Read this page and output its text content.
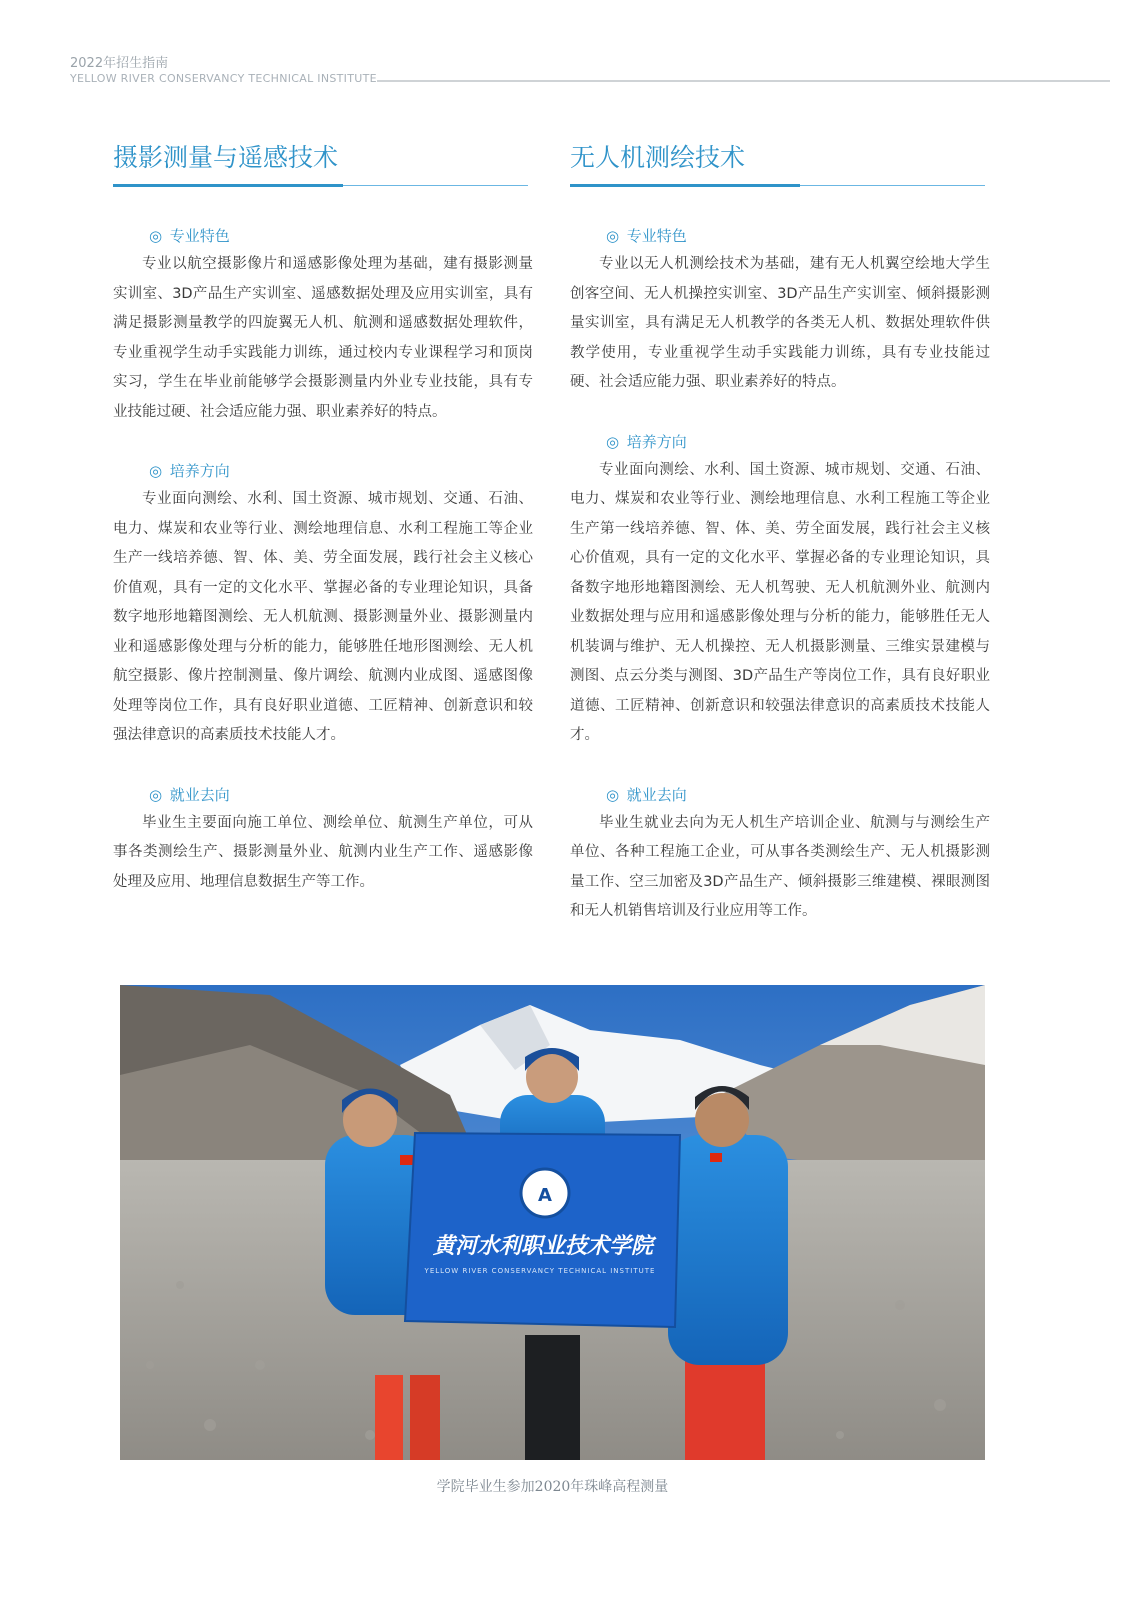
2022年招生指南
YELLOW RIVER CONSERVANCY TECHNICAL INSTITUTE
摄影测量与遥感技术
◎ 专业特色

专业以航空摄影像片和遥感影像处理为基础，建有摄影测量实训室、3D产品生产实训室、遥感数据处理及应用实训室，具有满足摄影测量教学的四旋翼无人机、航测和遥感数据处理软件，专业重视学生动手实践能力训练，通过校内专业课程学习和顶岗实习，学生在毕业前能够学会摄影测量内外业专业技能，具有专业技能过硬、社会适应能力强、职业素养好的特点。

◎ 培养方向

专业面向测绘、水利、国土资源、城市规划、交通、石油、电力、煤炭和农业等行业、测绘地理信息、水利工程施工等企业生产一线培养德、智、体、美、劳全面发展，践行社会主义核心价值观，具有一定的文化水平、掌握必备的专业理论知识，具备数字地形地籍图测绘、无人机航测、摄影测量外业、摄影测量内业和遥感影像处理与分析的能力，能够胜任地形图测绘、无人机航空摄影、像片控制测量、像片调绘、航测内业成图、遥感图像处理等岗位工作，具有良好职业道德、工匠精神、创新意识和较强法律意识的高素质技术技能人才。

◎ 就业去向

毕业生主要面向施工单位、测绘单位、航测生产单位，可从事各类测绘生产、摄影测量外业、航测内业生产工作、遥感影像处理及应用、地理信息数据生产等工作。

无人机测绘技术
◎ 专业特色

专业以无人机测绘技术为基础，建有无人机翼空绘地大学生创客空间、无人机操控实训室、3D产品生产实训室、倾斜摄影测量实训室，具有满足无人机教学的各类无人机、数据处理软件供教学使用，专业重视学生动手实践能力训练，具有专业技能过硬、社会适应能力强、职业素养好的特点。

◎ 培养方向

专业面向测绘、水利、国土资源、城市规划、交通、石油、电力、煤炭和农业等行业、测绘地理信息、水利工程施工等企业生产第一线培养德、智、体、美、劳全面发展，践行社会主义核心价值观，具有一定的文化水平、掌握必备的专业理论知识，具备数字地形地籍图测绘、无人机驾驶、无人机航测外业、航测内业数据处理与应用和遥感影像处理与分析的能力，能够胜任无人机装调与维护、无人机操控、无人机摄影测量、三维实景建模与测图、点云分类与测图、3D产品生产等岗位工作，具有良好职业道德、工匠精神、创新意识和较强法律意识的高素质技术技能人才。

◎ 就业去向

毕业生就业去向为无人机生产培训企业、航测与与测绘生产单位、各种工程施工企业，可从事各类测绘生产、无人机摄影测量工作、空三加密及3D产品生产、倾斜摄影三维建模、裸眼测图和无人机销售培训及行业应用等工作。

A
黄河水利职业技术学院
YELLOW RIVER CONSERVANCY TECHNICAL INSTITUTE
学院毕业生参加2020年珠峰高程测量
